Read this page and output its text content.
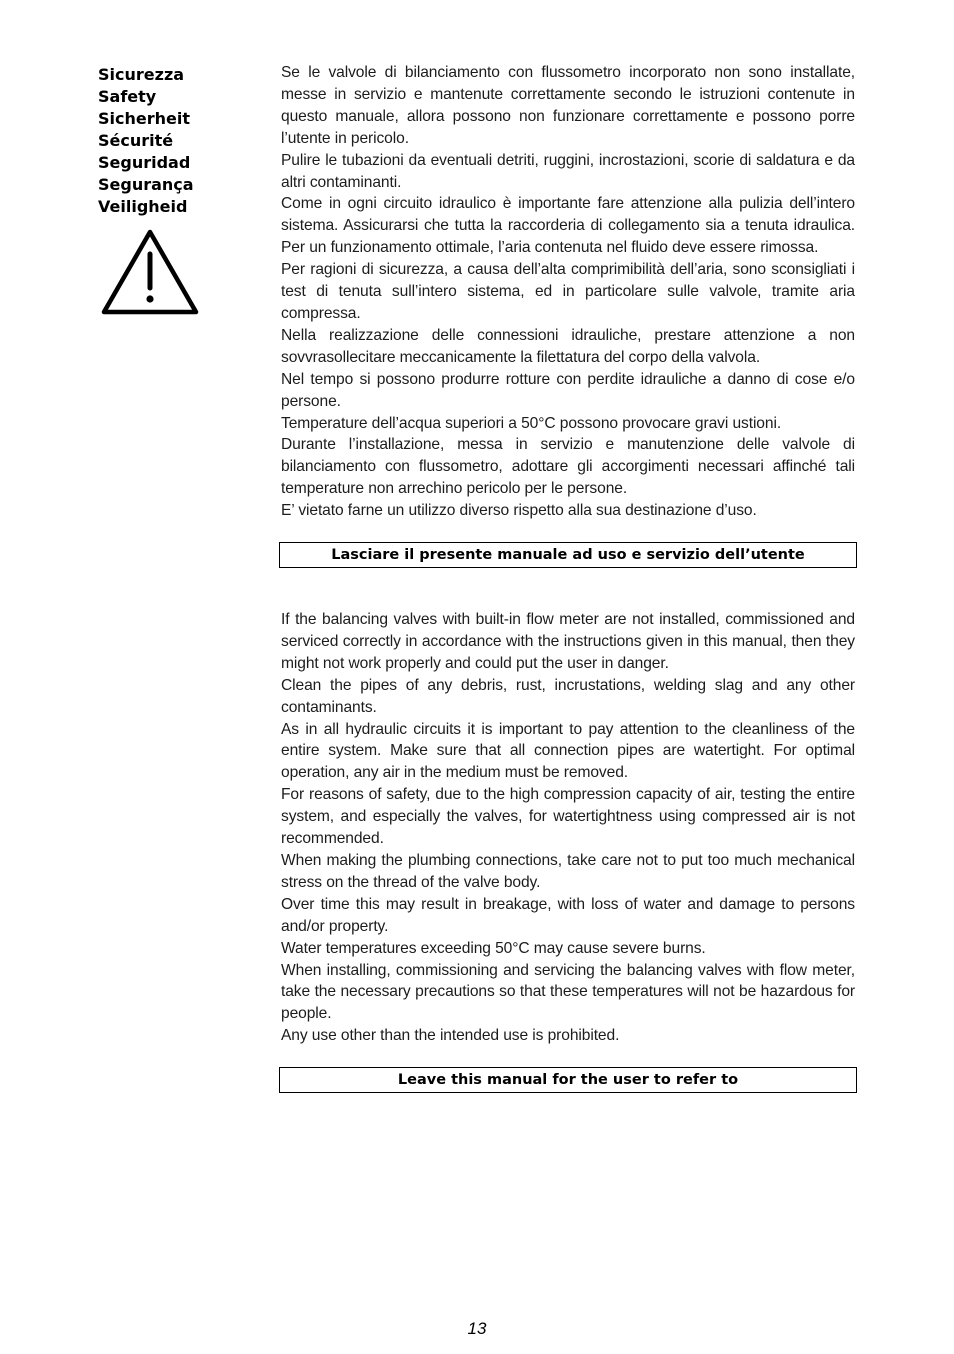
Sicurezza
Safety
Sicherheit
Sécurité
Seguridad
Segurança
Veiligheid

Se le valvole di bilanciamento con flussometro incorporato non sono installate, messe in servizio e mantenute correttamente secondo le istruzioni contenute in questo manuale, allora possono non funzionare correttamente e possono porre l’utente in pericolo.

Pulire le tubazioni da eventuali detriti, ruggini, incrostazioni, scorie di saldatura e da altri contaminanti.

Come in ogni circuito idraulico è importante fare attenzione alla pulizia dell’intero sistema. Assicurarsi che tutta la raccorderia di collegamento sia a tenuta idraulica. Per un funzionamento ottimale, l’aria contenuta nel fluido deve essere rimossa.

Per ragioni di sicurezza, a causa dell’alta comprimibilità dell’aria, sono sconsigliati i test di tenuta sull’intero sistema, ed in particolare sulle valvole, tramite aria compressa.

Nella realizzazione delle connessioni idrauliche, prestare attenzione a non sovvrasollecitare meccanicamente la filettatura del corpo della valvola.

Nel tempo si possono produrre rotture con perdite idrauliche a danno di cose e/o persone.

Temperature dell’acqua superiori a 50°C possono provocare gravi ustioni.

Durante l’installazione, messa in servizio e manutenzione delle valvole di bilanciamento con flussometro, adottare gli accorgimenti necessari affinché tali temperature non arrechino pericolo per le persone.

E’ vietato farne un utilizzo diverso rispetto alla sua destinazione d’uso.

Lasciare il presente manuale ad uso e servizio dell’utente

If the balancing valves with built-in flow meter are not installed, commissioned and serviced correctly in accordance with the instructions given in this manual, then they might not work properly and could put the user in danger.

Clean the pipes of any debris, rust, incrustations, welding slag and any other contaminants.

As in all hydraulic circuits it is important to pay attention to the cleanliness of the entire system. Make sure that all connection pipes are watertight. For optimal operation, any air in the medium must be removed.

For reasons of safety, due to the high compression capacity of air, testing the entire system, and especially the valves, for watertightness using compressed air is not recommended.

When making the plumbing connections, take care not to put too much mechanical stress on the thread of the valve body.

Over time this may result in breakage, with loss of water and damage to persons and/or property.

Water temperatures exceeding 50°C may cause severe burns.

When installing, commissioning and servicing the balancing valves with flow meter, take the necessary precautions so that these temperatures will not be hazardous for people.

Any use other than the intended use is prohibited.

Leave this manual for the user to refer to
13
